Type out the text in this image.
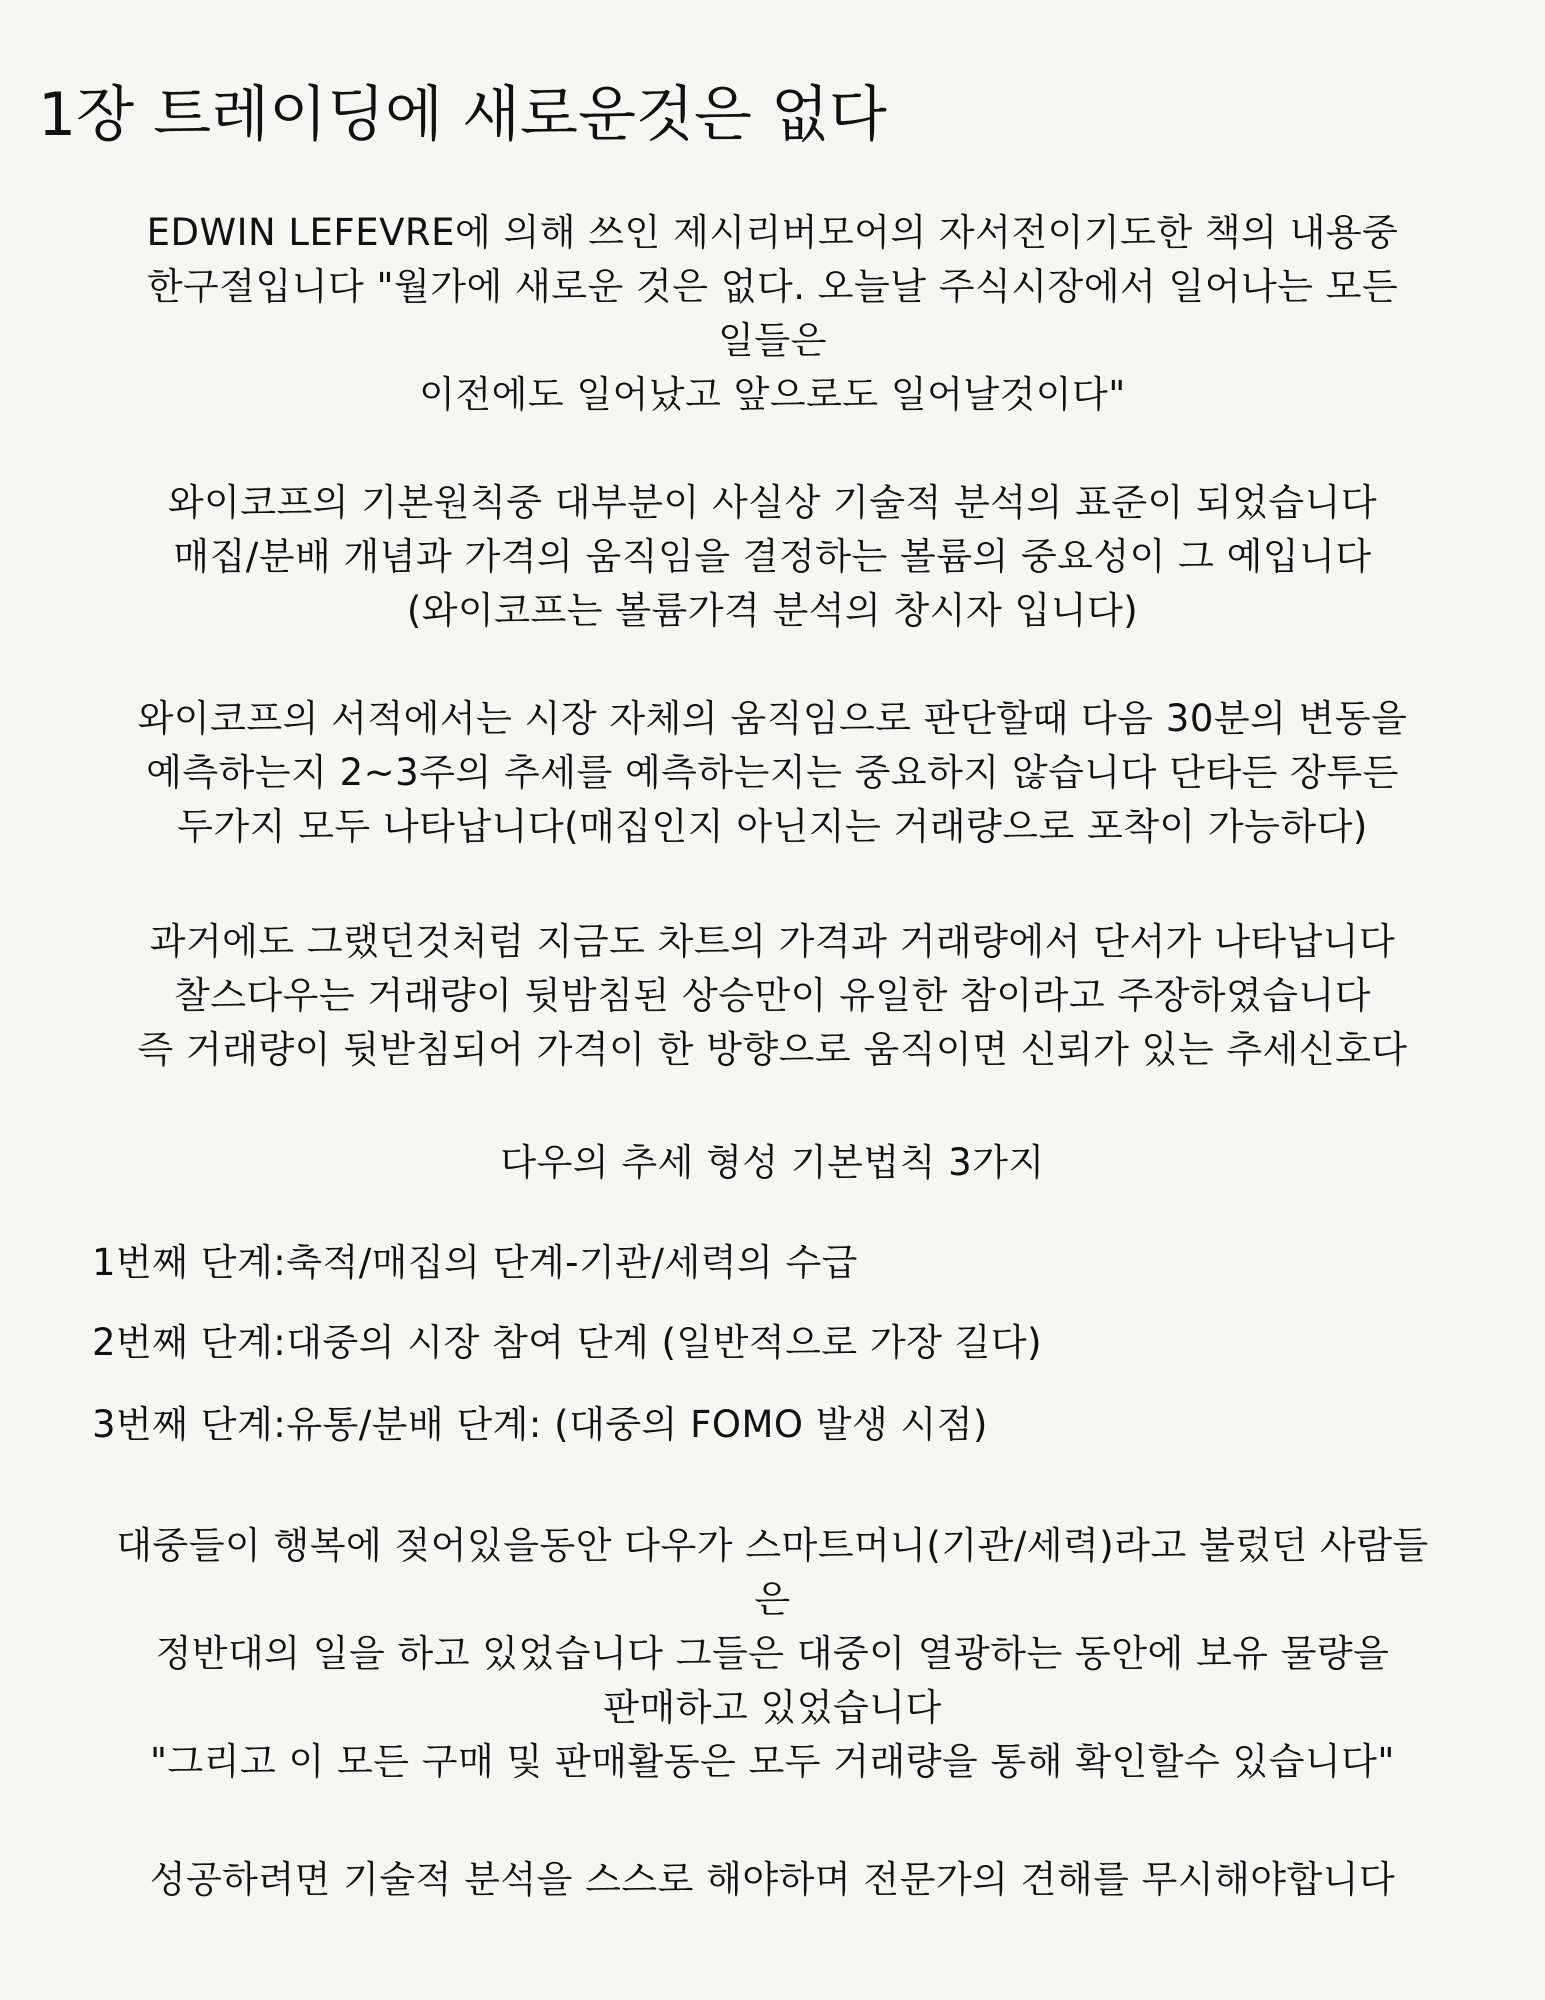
1장 트레이딩에 새로운것은 없다
EDWIN LEFEVRE에 의해 쓰인 제시리버모어의 자서전이기도한 책의 내용중
한구절입니다 "월가에 새로운 것은 없다. 오늘날 주식시장에서 일어나는 모든
일들은
이전에도 일어났고 앞으로도 일어날것이다"
와이코프의 기본원칙중 대부분이 사실상 기술적 분석의 표준이 되었습니다
매집/분배 개념과 가격의 움직임을 결정하는 볼륨의 중요성이 그 예입니다
(와이코프는 볼륨가격 분석의 창시자 입니다)
와이코프의 서적에서는 시장 자체의 움직임으로 판단할때 다음 30분의 변동을
예측하는지 2~3주의 추세를 예측하는지는 중요하지 않습니다 단타든 장투든
두가지 모두 나타납니다(매집인지 아닌지는 거래량으로 포착이 가능하다)
과거에도 그랬던것처럼 지금도 차트의 가격과 거래량에서 단서가 나타납니다
찰스다우는 거래량이 뒷밤침된 상승만이 유일한 참이라고 주장하였습니다
즉 거래량이 뒷받침되어 가격이 한 방향으로 움직이면 신뢰가 있는 추세신호다
다우의 추세 형성 기본법칙 3가지
1번째 단계:축적/매집의 단계-기관/세력의 수급
2번째 단계:대중의 시장 참여 단계 (일반적으로 가장 길다)
3번째 단계:유통/분배 단계: (대중의 FOMO 발생 시점)
대중들이 행복에 젖어있을동안 다우가 스마트머니(기관/세력)라고 불렀던 사람들
은
정반대의 일을 하고 있었습니다 그들은 대중이 열광하는 동안에 보유 물량을
판매하고 있었습니다
"그리고 이 모든 구매 및 판매활동은 모두 거래량을 통해 확인할수 있습니다"
성공하려면 기술적 분석을 스스로 해야하며 전문가의 견해를 무시해야합니다
